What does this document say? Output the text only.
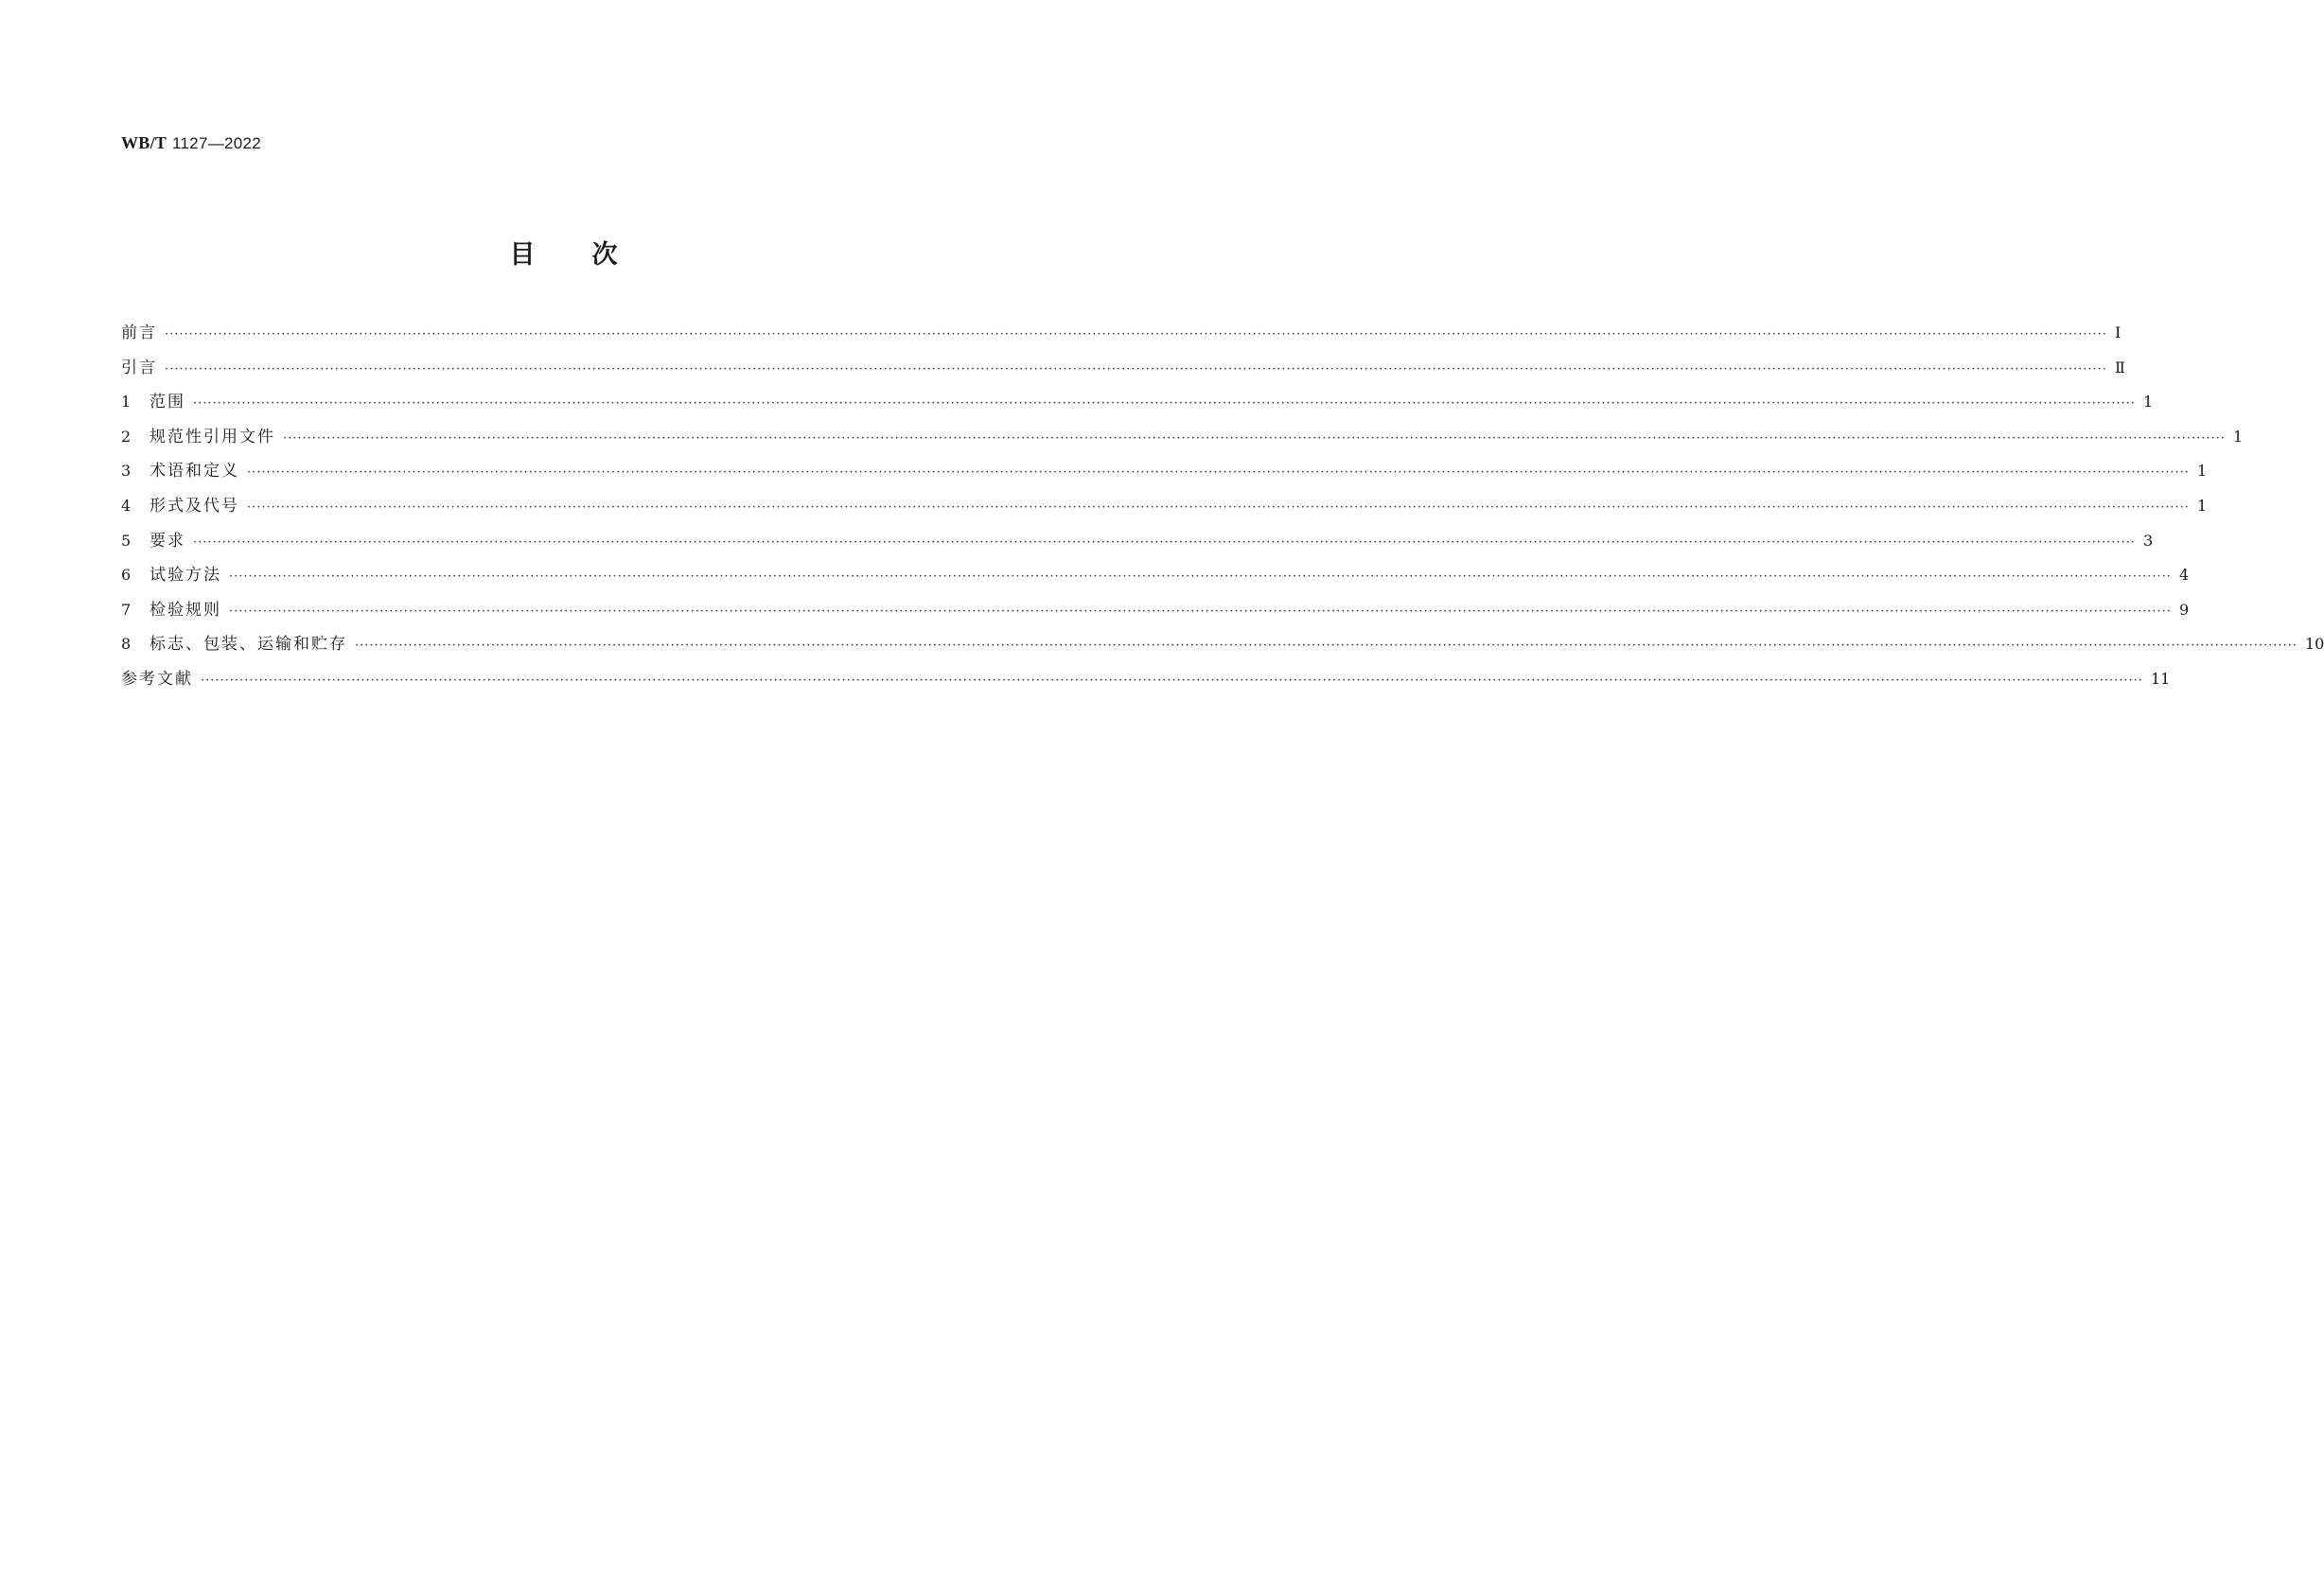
WB/T 1127—2022
目 次
前言 ················································································································································································································································································································································································································ Ⅰ
引言 ················································································································································································································································································································································································································ Ⅱ
1	范围 ················································································································································································································································································································································································································ 1
2	规范性引用文件 ················································································································································································································································································································································································································ 1
3	术语和定义 ················································································································································································································································································································································································································ 1
4	形式及代号 ················································································································································································································································································································································································································ 1
5	要求 ················································································································································································································································································································································································································ 3
6	试验方法 ················································································································································································································································································································································································································ 4
7	检验规则 ················································································································································································································································································································································································································ 9
8	标志、包装、运输和贮存 ················································································································································································································································································································································································································ 10
参考文献 ················································································································································································································································································································································································································ 11
